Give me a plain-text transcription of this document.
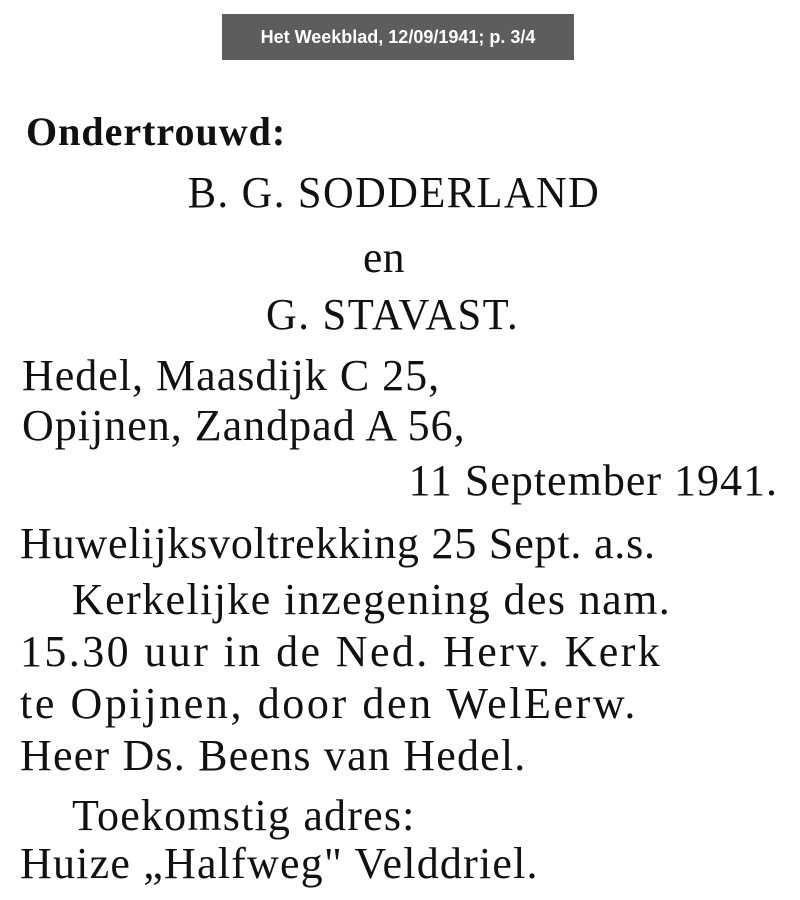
Het Weekblad, 12/09/1941; p. 3/4
Ondertrouwd:
B. G. SODDERLAND
en
G. STAVAST.
Hedel, Maasdijk C 25,
Opijnen, Zandpad A 56,
11 September 1941.
Huwelijksvoltrekking 25 Sept. a.s.
Kerkelijke inzegening des nam.
15.30 uur in de Ned. Herv. Kerk
te Opijnen, door den WelEerw.
Heer Ds. Beens van Hedel.
Toekomstig adres:
Huize „Halfweg" Velddriel.
